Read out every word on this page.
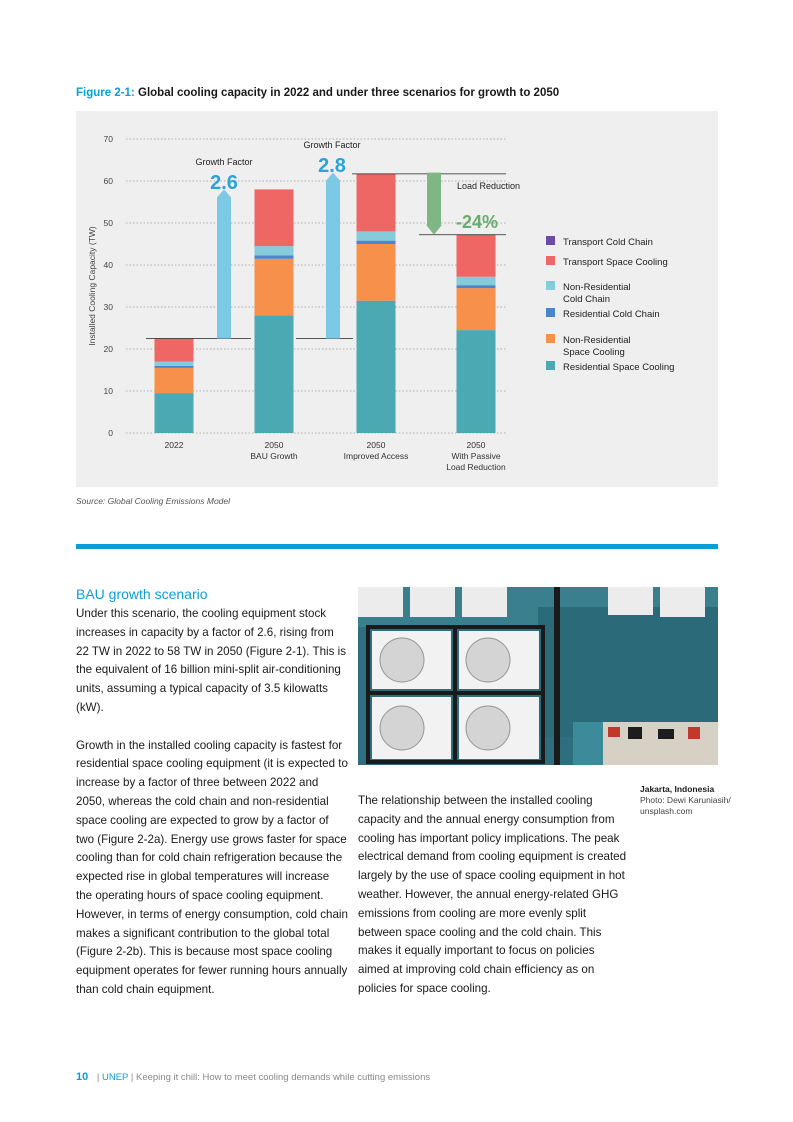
Figure 2-1: Global cooling capacity in 2022 and under three scenarios for growth to 2050
0
10
20
30
40
50
60
70
Installed Cooling Capacity (TW)
2022	2050
BAU Growth
2050
Improved Access
2050
With Passive
Load Reduction
Growth Factor
2.6
Growth Factor
2.8
Load Reduction
-24%
Transport Cold Chain
Transport Space Cooling
Non-Residential
Cold Chain
Residential Cold Chain
Non-Residential
Space Cooling
Residential Space Cooling
Source: Global Cooling Emissions Model
BAU growth scenario

Under this scenario, the cooling equipment stock increases in capacity by a factor of 2.6, rising from 22 TW in 2022 to 58 TW in 2050 (Figure 2-1). This is the equivalent of 16 billion mini-split air-conditioning units, assuming a typical capacity of 3.5 kilowatts (kW).

Growth in the installed cooling capacity is fastest for residential space cooling equipment (it is expected to increase by a factor of three between 2022 and 2050, whereas the cold chain and non-residential space cooling are expected to grow by a factor of two (Figure 2-2a). Energy use grows faster for space cooling than for cold chain refrigeration because the expected rise in global temperatures will increase the operating hours of space cooling equipment. However, in terms of energy consumption, cold chain makes a significant contribution to the global total (Figure 2-2b). This is because most space cooling equipment operates for fewer running hours annually than cold chain equipment.

The relationship between the installed cooling capacity and the annual energy consumption from cooling has important policy implications. The peak electrical demand from cooling equipment is created largely by the use of space cooling equipment in hot weather. However, the annual energy-related GHG emissions from cooling are more evenly split between space cooling and the cold chain. This makes it equally important to focus on policies aimed at improving cold chain efficiency as on policies for space cooling.

Jakarta, Indonesia
Photo: Dewi Karuniasih/ unsplash.com
10 | UNEP | Keeping it chill: How to meet cooling demands while cutting emissions
